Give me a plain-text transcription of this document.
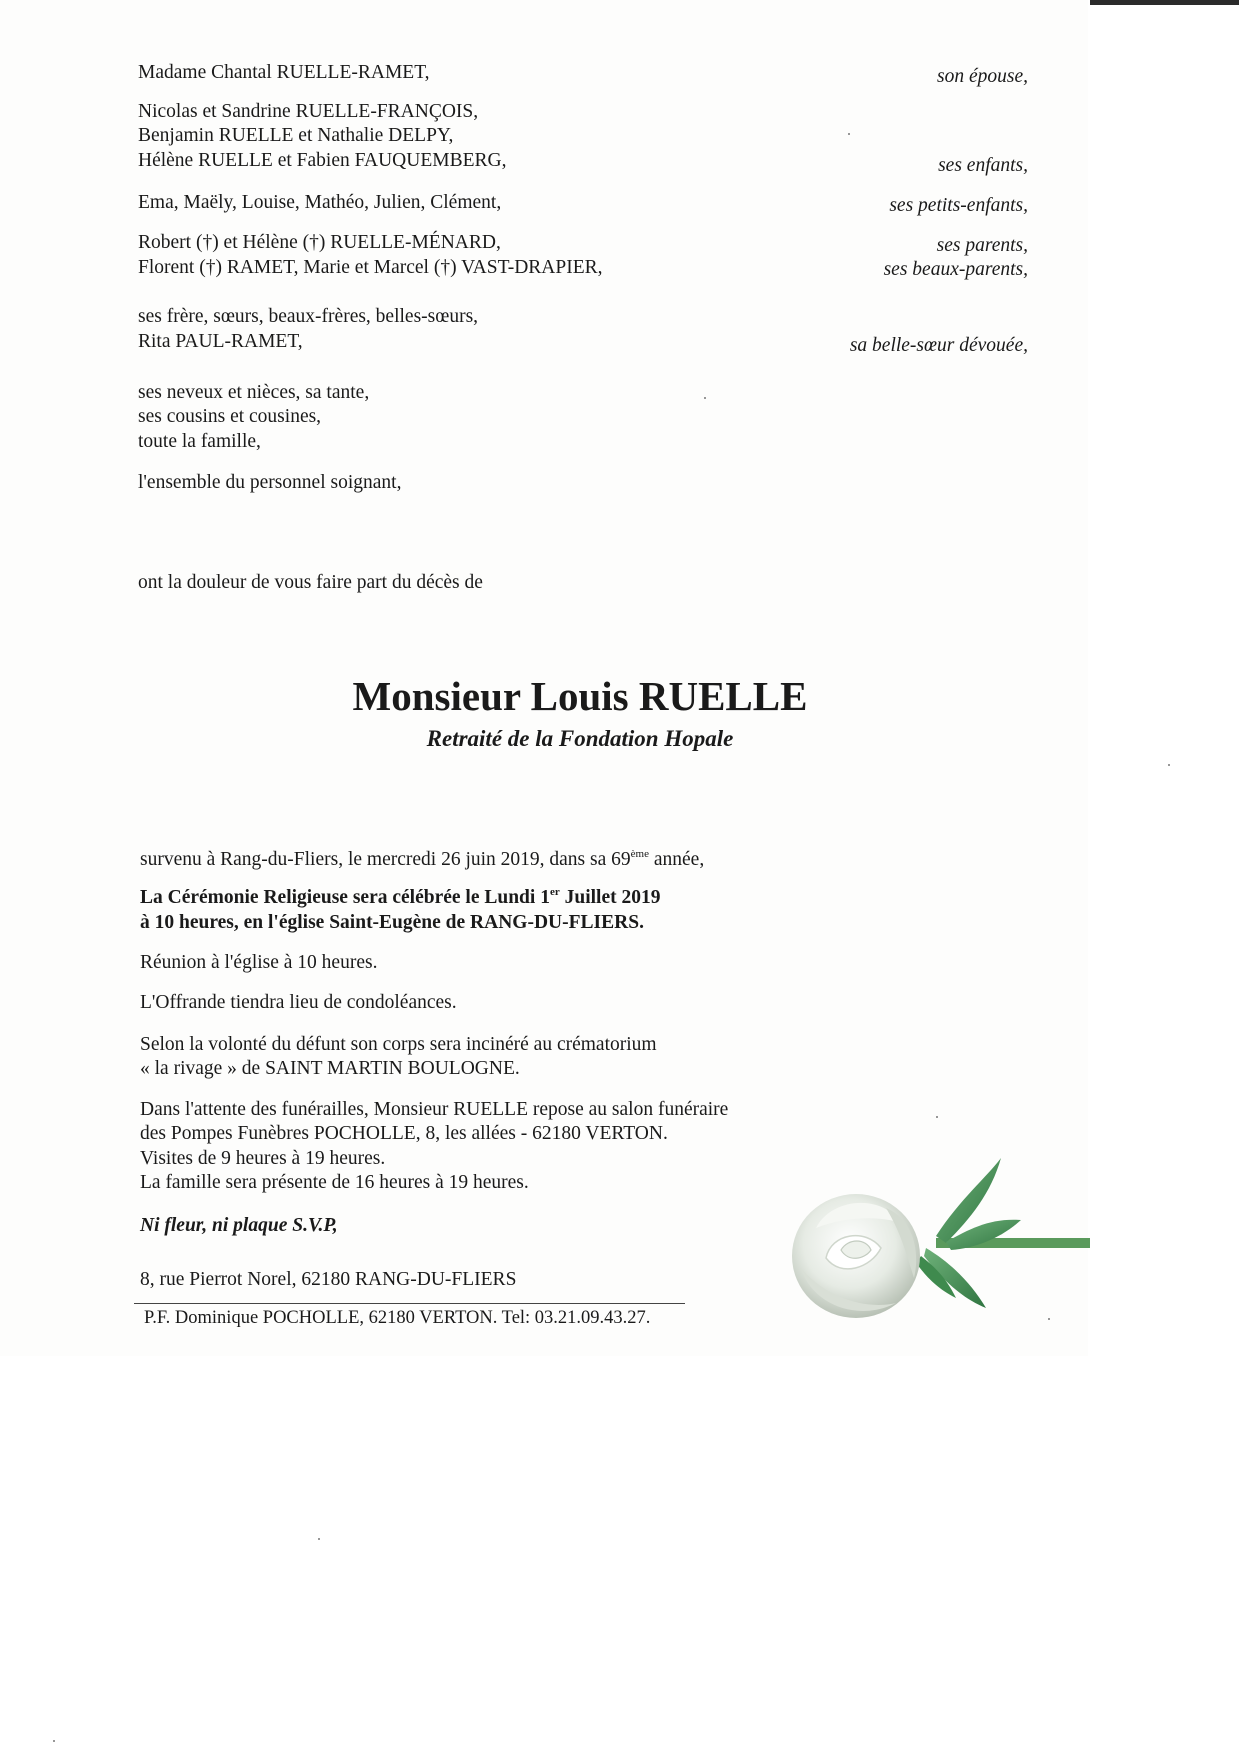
Madame Chantal RUELLE-RAMET,
Nicolas et Sandrine RUELLE-FRANÇOIS,
Benjamin RUELLE et Nathalie DELPY,
Hélène RUELLE et Fabien FAUQUEMBERG,
Ema, Maëly, Louise, Mathéo, Julien, Clément,
Robert (†) et Hélène (†) RUELLE-MÉNARD,
Florent (†) RAMET, Marie et Marcel (†) VAST-DRAPIER,
ses frère, sœurs, beaux-frères, belles-sœurs,
Rita PAUL-RAMET,
ses neveux et nièces, sa tante,
ses cousins et cousines,
toute la famille,
l'ensemble du personnel soignant,
son épouse,
ses enfants,
ses petits-enfants,
ses parents,
ses beaux-parents,
sa belle-sœur dévouée,
ont la douleur de vous faire part du décès de
Monsieur Louis RUELLE
Retraité de la Fondation Hopale
survenu à Rang-du-Fliers, le mercredi 26 juin 2019, dans sa 69ème année,
La Cérémonie Religieuse sera célébrée le Lundi 1er Juillet 2019
à 10 heures, en l'église Saint-Eugène de RANG-DU-FLIERS.
Réunion à l'église à 10 heures.
L'Offrande tiendra lieu de condoléances.
Selon la volonté du défunt son corps sera incinéré au crématorium
« la rivage » de SAINT MARTIN BOULOGNE.
Dans l'attente des funérailles, Monsieur RUELLE repose au salon funéraire
des Pompes Funèbres POCHOLLE, 8, les allées - 62180 VERTON.
Visites de 9 heures à 19 heures.
La famille sera présente de 16 heures à 19 heures.
Ni fleur, ni plaque S.V.P,
8, rue Pierrot Norel, 62180 RANG-DU-FLIERS
P.F. Dominique POCHOLLE, 62180 VERTON. Tel: 03.21.09.43.27.
